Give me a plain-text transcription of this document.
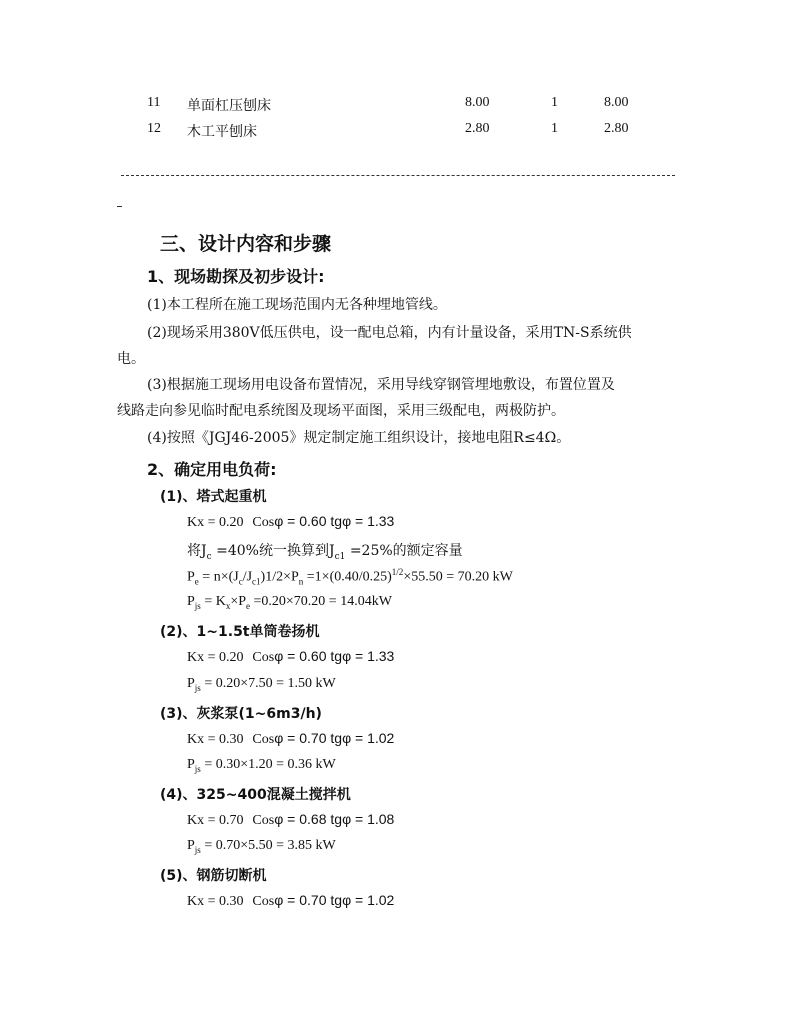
11 单面杠压刨床	8.00	1	8.00
12 木工平刨床	2.80	1	2.80
三、设计内容和步骤
1、现场勘探及初步设计:
(1)本工程所在施工现场范围内无各种埋地管线。
(2)现场采用380V低压供电，设一配电总箱，内有计量设备，采用TN-S系统供
电。
(3)根据施工现场用电设备布置情况，采用导线穿钢管埋地敷设，布置位置及
线路走向参见临时配电系统图及现场平面图，采用三级配电，两极防护。
(4)按照《JGJ46-2005》规定制定施工组织设计，接地电阻R≤4Ω。
2、确定用电负荷:
(1)、塔式起重机
Kx = 0.20 Cosφ = 0.60 tgφ = 1.33
将$J_c =40\%$统一换算到$J_{c1} =25\%$的额定容量
$P_e = n\times(J_c/J_{c1})1/2\times P_n =1\times(0.40/0.25)^{1/2}\times 55.50 = 70.20$ kW
$P_{js} = K_x\times P_e =0.20\times 70.20 = 14.04kW$
(2)、1~1.5t单筒卷扬机
Kx = 0.20 Cosφ = 0.60 tgφ = 1.33
$P_{js} = 0.20\times 7.50 = 1.50$ kW
(3)、灰浆泵(1~6m3/h)
Kx = 0.30 Cosφ = 0.70 tgφ = 1.02
$P_{js} = 0.30\times 1.20 = 0.36$ kW
(4)、325~400混凝土搅拌机
Kx = 0.70 Cosφ = 0.68 tgφ = 1.08
$P_{js} = 0.70\times 5.50 = 3.85$ kW
(5)、钢筋切断机
Kx = 0.30 Cosφ = 0.70 tgφ = 1.02
